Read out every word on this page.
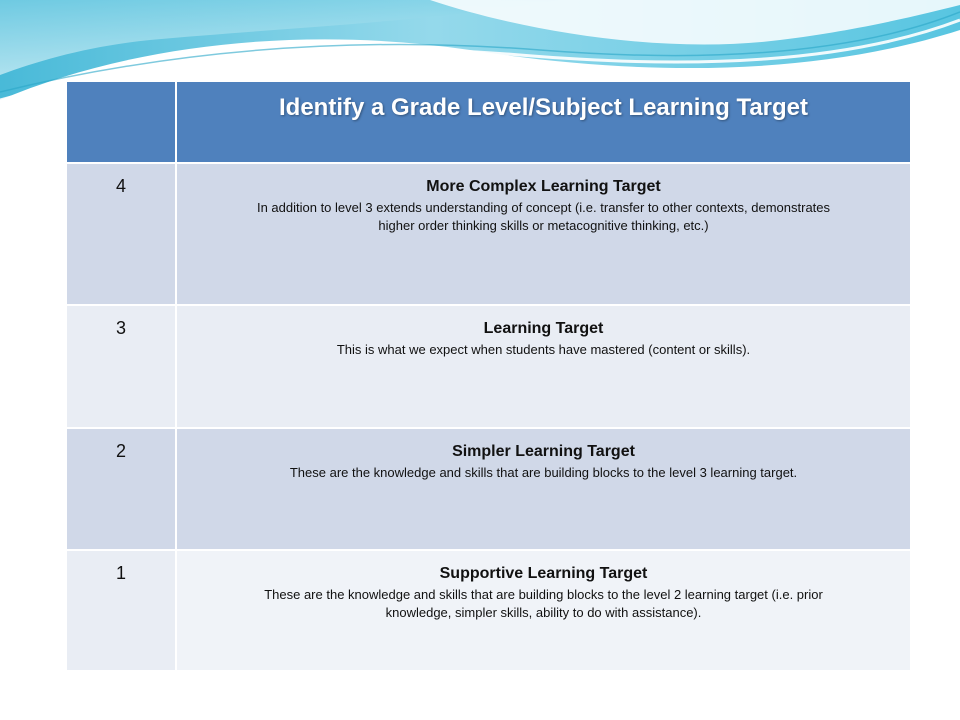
	Identify a Grade Level/Subject Learning Target
4	More Complex Learning Target
In addition to level 3 extends understanding of concept (i.e. transfer to other contexts, demonstrates higher order thinking skills or metacognitive thinking, etc.)

3	Learning Target
This is what we expect when students have mastered (content or skills).

2	Simpler Learning Target
These are the knowledge and skills that are building blocks to the level 3 learning target.

1	Supportive Learning Target
These are the knowledge and skills that are building blocks to the level 2 learning target (i.e. prior knowledge, simpler skills, ability to do with assistance).
